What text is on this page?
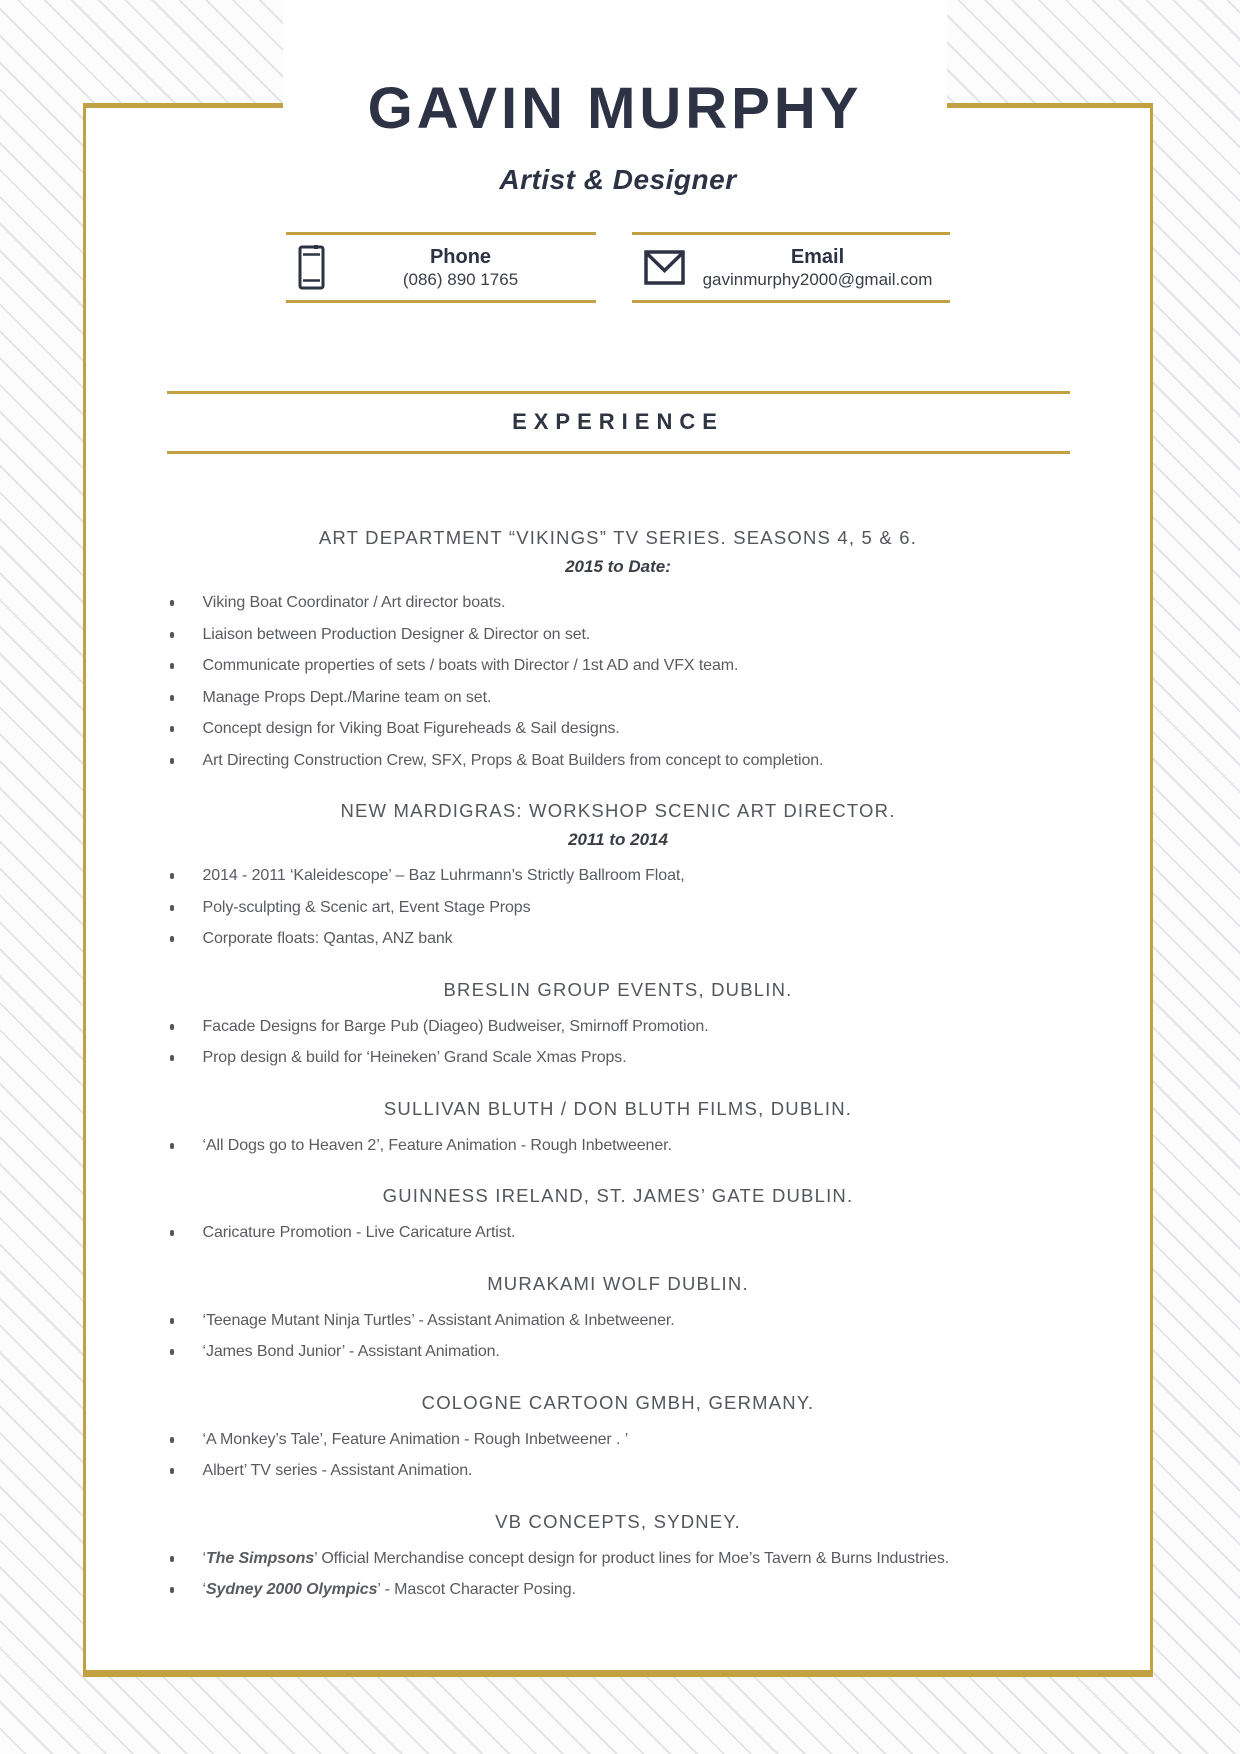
Artist & Designer
Phone
(086) 890 1765
Email
gavinmurphy2000@gmail.com
EXPERIENCE
ART DEPARTMENT “VIKINGS” TV SERIES. SEASONS 4, 5 & 6.
2015 to Date:
Viking Boat Coordinator / Art director boats.
Liaison between Production Designer & Director on set.
Communicate properties of sets / boats with Director / 1st AD and VFX team.
Manage Props Dept./Marine team on set.
Concept design for Viking Boat Figureheads & Sail designs.
Art Directing Construction Crew, SFX, Props & Boat Builders from concept to completion.
NEW MARDIGRAS: WORKSHOP SCENIC ART DIRECTOR.
2011 to 2014
2014 - 2011 ‘Kaleidescope’ – Baz Luhrmann’s Strictly Ballroom Float,
Poly-sculpting & Scenic art, Event Stage Props
Corporate floats: Qantas, ANZ bank
BRESLIN GROUP EVENTS, DUBLIN.
Facade Designs for Barge Pub (Diageo) Budweiser, Smirnoff Promotion.
Prop design & build for ‘Heineken’ Grand Scale Xmas Props.
SULLIVAN BLUTH / DON BLUTH FILMS, DUBLIN.
‘All Dogs go to Heaven 2’, Feature Animation - Rough Inbetweener.
GUINNESS IRELAND, ST. JAMES’ GATE DUBLIN.
Caricature Promotion - Live Caricature Artist.
MURAKAMI WOLF DUBLIN.
‘Teenage Mutant Ninja Turtles’ - Assistant Animation & Inbetweener.
‘James Bond Junior’ - Assistant Animation.
COLOGNE CARTOON GMBH, GERMANY.
‘A Monkey’s Tale’, Feature Animation - Rough Inbetweener . ’
Albert’ TV series - Assistant Animation.
VB CONCEPTS, SYDNEY.
‘The Simpsons’ Official Merchandise concept design for product lines for Moe’s Tavern & Burns Industries.
‘Sydney 2000 Olympics’ - Mascot Character Posing.
GAVIN MURPHY
